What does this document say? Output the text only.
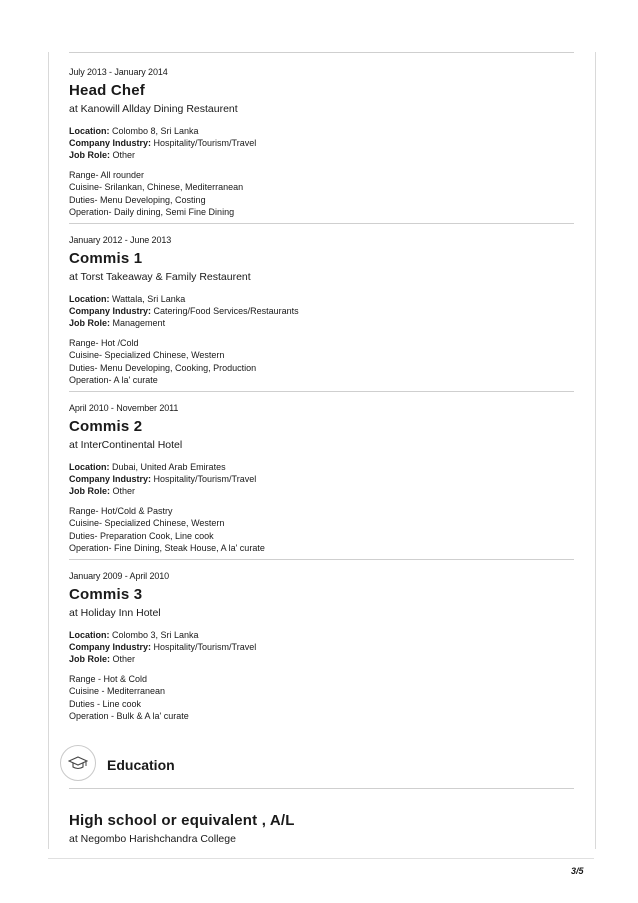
July 2013 - January 2014
Head Chef
at Kanowill Allday Dining Restaurent
Location: Colombo 8, Sri Lanka
Company Industry: Hospitality/Tourism/Travel
Job Role: Other
Range- All rounder
Cuisine- Srilankan, Chinese, Mediterranean
Duties- Menu Developing, Costing
Operation- Daily dining, Semi Fine Dining
January 2012 - June 2013
Commis 1
at Torst Takeaway & Family Restaurent
Location: Wattala, Sri Lanka
Company Industry: Catering/Food Services/Restaurants
Job Role: Management
Range- Hot /Cold
Cuisine- Specialized Chinese, Western
Duties- Menu Developing, Cooking, Production
Operation- A la' curate
April 2010 - November 2011
Commis 2
at InterContinental Hotel
Location: Dubai, United Arab Emirates
Company Industry: Hospitality/Tourism/Travel
Job Role: Other
Range- Hot/Cold & Pastry
Cuisine- Specialized Chinese, Western
Duties- Preparation Cook, Line cook
Operation- Fine Dining, Steak House, A la' curate
January 2009 - April 2010
Commis 3
at Holiday Inn Hotel
Location: Colombo 3, Sri Lanka
Company Industry: Hospitality/Tourism/Travel
Job Role: Other
Range - Hot & Cold
Cuisine - Mediterranean
Duties - Line cook
Operation - Bulk & A la' curate
Education
High school or equivalent , A/L
at Negombo Harishchandra College
3/5
